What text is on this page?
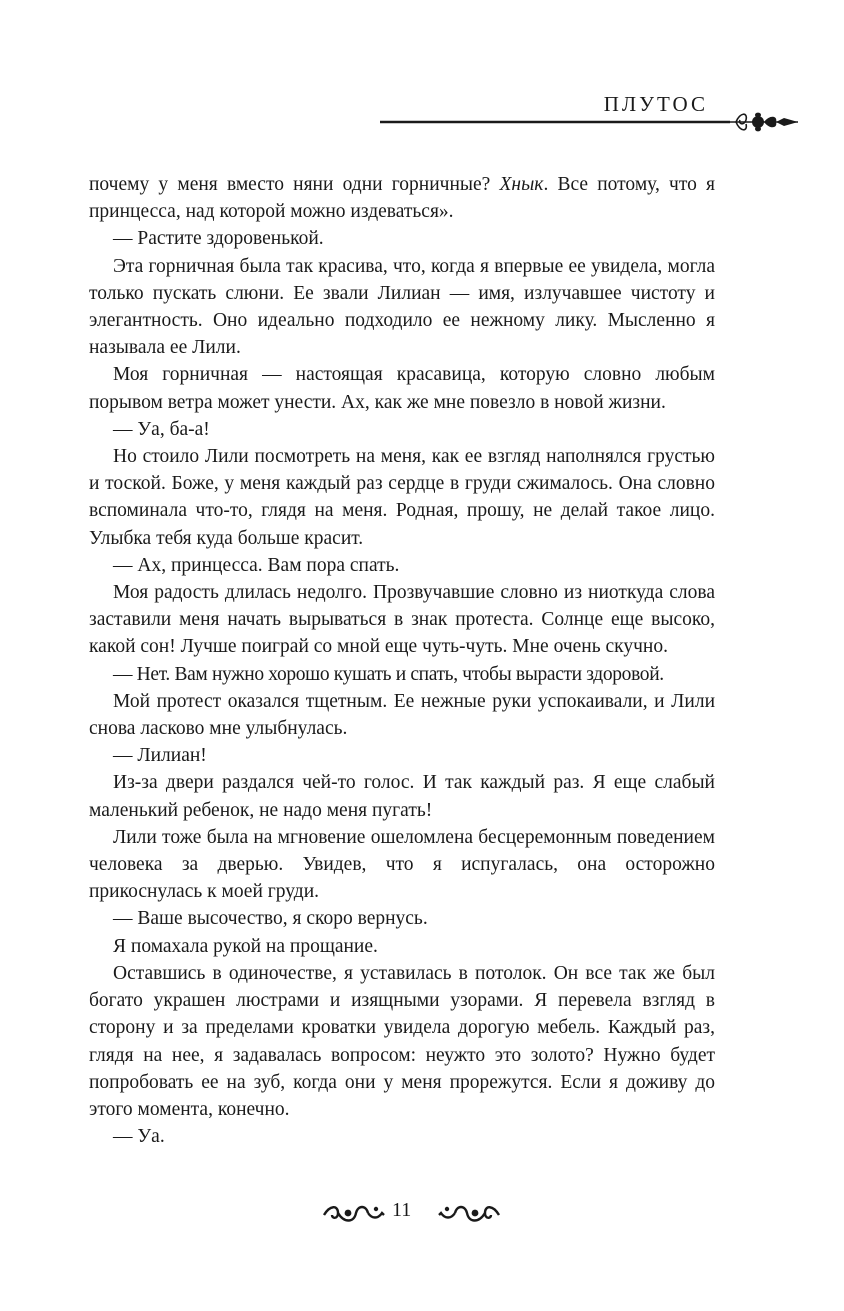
ПЛУТОС

почему у меня вместо няни одни горничные? Хнык. Все потому, что я принцесса, над которой можно издеваться».

— Растите здоровенькой.

Эта горничная была так красива, что, когда я впервые ее увидела, могла только пускать слюни. Ее звали Лилиан — имя, излучавшее чистоту и элегантность. Оно идеально подходило ее нежному лику. Мысленно я называла ее Лили.

Моя горничная — настоящая красавица, которую словно любым порывом ветра может унести. Ах, как же мне повезло в новой жизни.

— Уа, ба-а!

Но стоило Лили посмотреть на меня, как ее взгляд наполнялся грустью и тоской. Боже, у меня каждый раз сердце в груди сжималось. Она словно вспоминала что-то, глядя на меня. Родная, прошу, не делай такое лицо. Улыбка тебя куда больше красит.

— Ах, принцесса. Вам пора спать.

Моя радость длилась недолго. Прозвучавшие словно из ниоткуда слова заставили меня начать вырываться в знак протеста. Солнце еще высоко, какой сон! Лучше поиграй со мной еще чуть-чуть. Мне очень скучно.

— Нет. Вам нужно хорошо кушать и спать, чтобы вырасти здоровой.

Мой протест оказался тщетным. Ее нежные руки успокаивали, и Лили снова ласково мне улыбнулась.

— Лилиан!

Из-за двери раздался чей-то голос. И так каждый раз. Я еще слабый маленький ребенок, не надо меня пугать!

Лили тоже была на мгновение ошеломлена бесцеремонным поведением человека за дверью. Увидев, что я испугалась, она осторожно прикоснулась к моей груди.

— Ваше высочество, я скоро вернусь.

Я помахала рукой на прощание.

Оставшись в одиночестве, я уставилась в потолок. Он все так же был богато украшен люстрами и изящными узорами. Я перевела взгляд в сторону и за пределами кроватки увидела дорогую мебель. Каждый раз, глядя на нее, я задавалась вопросом: неужто это золото? Нужно будет попробовать ее на зуб, когда они у меня прорежутся. Если я доживу до этого момента, конечно.

— Уа.

11
